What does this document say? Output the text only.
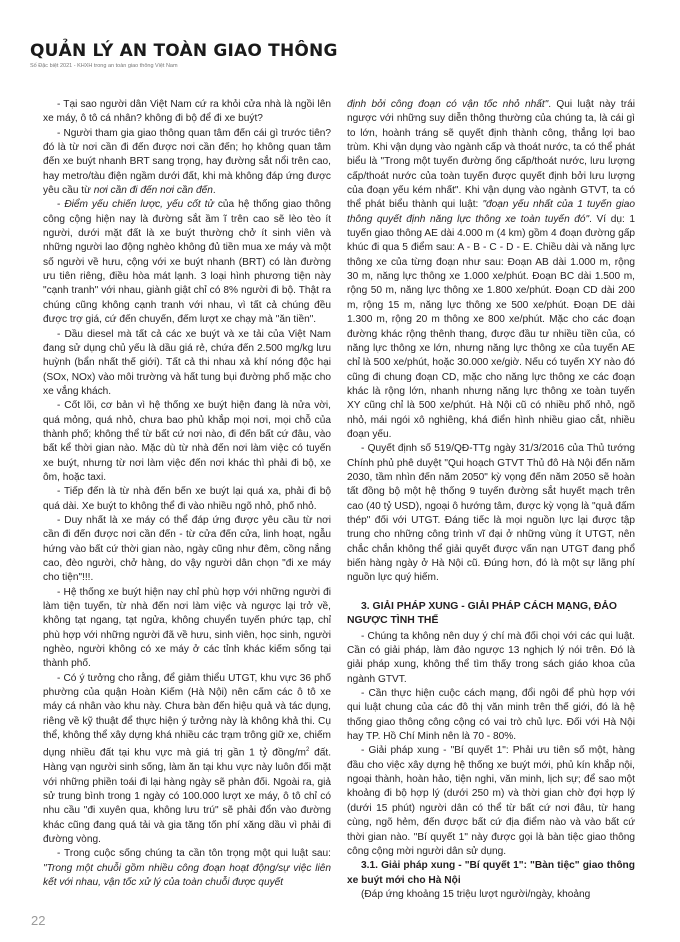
QUẢN LÝ AN TOÀN GIAO THÔNG
Số Đặc biệt 2021 - KHXH trong an toàn giao thông Việt Nam

- Tại sao người dân Việt Nam cứ ra khỏi cửa nhà là ngồi lên xe máy, ô tô cá nhân? không đi bộ để đi xe buýt?

- Người tham gia giao thông quan tâm đến cái gì trước tiên? đó là từ nơi cần đi đến được nơi cần đến; họ không quan tâm đến xe buýt nhanh BRT sang trọng, hay đường sắt nổi trên cao, hay metro/tàu điện ngầm dưới đất, khi mà không đáp ứng được yêu cầu từ nơi cần đi đến nơi cần đến.

- Điểm yếu chiến lược, yếu cốt tử của hệ thống giao thông công cộng hiện nay là đường sắt ầm ĩ trên cao sẽ lèo tèo ít người, dưới mặt đất là xe buýt thường chở ít sinh viên và những người lao động nghèo không đủ tiền mua xe máy và một số người về hưu, cộng với xe buýt nhanh (BRT) có làn đường ưu tiên riêng, điều hòa mát lạnh. 3 loại hình phương tiện này "cạnh tranh" với nhau, giành giật chỉ có 8% người đi bộ. Thật ra chúng cũng không cạnh tranh với nhau, vì tất cả chúng đều được trợ giá, cứ đến chuyến, đếm lượt xe chạy mà "ăn tiền".

- Dầu diesel mà tất cả các xe buýt và xe tải của Việt Nam đang sử dụng chủ yếu là dầu giá rẻ, chứa đến 2.500 mg/kg lưu huỳnh (bẩn nhất thế giới). Tất cả thi nhau xả khí nóng độc hại (SOx, NOx) vào môi trường và hất tung bụi đường phố mặc cho xe vắng khách.

- Cốt lõi, cơ bản vì hệ thống xe buýt hiện đang là nửa vời, quá mỏng, quá nhỏ, chưa bao phủ khắp mọi nơi, mọi chỗ của thành phố; không thể từ bất cứ nơi nào, đi đến bất cứ đâu, vào bất kể thời gian nào. Mặc dù từ nhà đến nơi làm việc có tuyến xe buýt, nhưng từ nơi làm việc đến nơi khác thì phải đi bộ, xe ôm, hoặc taxi.

- Tiếp đến là từ nhà đến bến xe buýt lại quá xa, phải đi bộ quá dài. Xe buýt to không thể đi vào nhiều ngõ nhỏ, phố nhỏ.

- Duy nhất là xe máy có thể đáp ứng được yêu cầu từ nơi cần đi đến được nơi cần đến - từ cửa đến cửa, linh hoạt, ngẫu hứng vào bất cứ thời gian nào, ngày cũng như đêm, cồng nắng cao, đèo người, chở hàng, do vậy người dân chọn "đi xe máy cho tiện"!!!.

- Hệ thống xe buýt hiện nay chỉ phù hợp với những người đi làm tiện tuyến, từ nhà đến nơi làm việc và ngược lại trở về, không tạt ngang, tạt ngửa, không chuyển tuyến phức tạp, chỉ phù hợp với những người đã về hưu, sinh viên, học sinh, người nghèo, người không có xe máy ở các tỉnh khác kiếm sống tại thành phố.

- Có ý tưởng cho rằng, để giảm thiểu UTGT, khu vực 36 phố phường của quận Hoàn Kiếm (Hà Nội) nên cấm các ô tô xe máy cá nhân vào khu này. Chưa bàn đến hiệu quả và tác dụng, riêng về kỹ thuật để thực hiện ý tưởng này là không khả thi. Cụ thể, không thể xây dựng khá nhiều các trạm trông giữ xe, chiếm dụng nhiều đất tại khu vực mà giá trị gần 1 tỷ đồng/$m^2$ đất. Hàng vạn người sinh sống, làm ăn tại khu vực này luôn đối mặt với những phiền toái đi lại hàng ngày sẽ phản đối. Ngoài ra, giả sử trung bình trong 1 ngày có 100.000 lượt xe máy, ô tô chỉ có nhu cầu "đi xuyên qua, không lưu trú" sẽ phải đổn vào đường khác cũng đang quá tải và gia tăng tốn phí xăng dầu vì phải đi đường vòng.

- Trong cuộc sống chúng ta cần tôn trọng một qui luật sau: "Trong một chuỗi gồm nhiều công đoạn hoạt động/sự việc liên kết với nhau, vận tốc xử lý của toàn chuỗi được quyết

định bởi công đoạn có vận tốc nhỏ nhất". Qui luật này trái ngược với những suy diễn thông thường của chúng ta, là cái gì to lớn, hoành tráng sẽ quyết định thành công, thắng lợi bao trùm. Khi vận dụng vào ngành cấp và thoát nước, ta có thể phát biểu là "Trong một tuyến đường ống cấp/thoát nước, lưu lượng cấp/thoát nước của toàn tuyến được quyết định bởi lưu lượng của đoạn yếu kém nhất". Khi vận dụng vào ngành GTVT, ta có thể phát biểu thành qui luật: "đoạn yếu nhất của 1 tuyến giao thông quyết định năng lực thông xe toàn tuyến đó". Ví dụ: 1 tuyến giao thông AE dài 4.000 m (4 km) gồm 4 đoạn đường gấp khúc đi qua 5 điểm sau: A - B - C - D - E. Chiều dài và năng lực thông xe của từng đoạn như sau: Đoạn AB dài 1.000 m, rộng 30 m, năng lực thông xe 1.000 xe/phút. Đoạn BC dài 1.500 m, rộng 50 m, năng lực thông xe 1.800 xe/phút. Đoạn CD dài 200 m, rộng 15 m, năng lực thông xe 500 xe/phút. Đoạn DE dài 1.300 m, rộng 20 m thông xe 800 xe/phút. Mặc cho các đoạn đường khác rộng thênh thang, được đầu tư nhiều tiền của, có năng lực thông xe lớn, nhưng năng lực thông xe của tuyến AE chỉ là 500 xe/phút, hoặc 30.000 xe/giờ. Nếu có tuyến XY nào đó cũng đi chung đoạn CD, mặc cho năng lực thông xe các đoạn khác là rộng lớn, nhanh nhưng năng lực thông xe toàn tuyến XY cũng chỉ là 500 xe/phút. Hà Nội cũ có nhiều phố nhỏ, ngõ nhỏ, mái ngói xô nghiêng, khá điển hình nhiều giao cắt, nhiều đoạn yếu.

- Quyết định số 519/QĐ-TTg ngày 31/3/2016 của Thủ tướng Chính phủ phê duyệt "Qui hoạch GTVT Thủ đô Hà Nội đến năm 2030, tầm nhìn đến năm 2050" kỳ vọng đến năm 2050 sẽ hoàn tất đồng bộ một hệ thống 9 tuyến đường sắt huyết mạch trên cao (40 tỷ USD), ngoại ô hướng tâm, được kỳ vọng là "quả đấm thép" đối với UTGT. Đáng tiếc là mọi nguồn lực lại được tập trung cho những công trình vĩ đại ở những vùng ít UTGT, nên chắc chắn không thể giải quyết được vấn nạn UTGT đang phổ biến hàng ngày ở Hà Nội cũ. Đúng hơn, đó là một sự lãng phí nguồn lực quý hiếm.

3. GIẢI PHÁP XUNG - GIẢI PHÁP CÁCH MẠNG, ĐẢO NGƯỢC TÌNH THẾ

- Chúng ta không nên duy ý chí mà đối chọi với các qui luật. Cần có giải pháp, làm đảo ngược 13 nghịch lý nói trên. Đó là giải pháp xung, không thể tìm thấy trong sách giáo khoa của ngành GTVT.

- Cần thực hiện cuộc cách mạng, đổi ngôi để phù hợp với qui luật chung của các đô thị văn minh trên thế giới, đó là hệ thống giao thông công cộng có vai trò chủ lực. Đối với Hà Nội hay TP. Hồ Chí Minh nên là 70 - 80%.

- Giải pháp xung - "Bí quyết 1": Phải ưu tiên số một, hàng đầu cho việc xây dựng hệ thống xe buýt mới, phủ kín khắp nội, ngoại thành, hoàn hảo, tiện nghi, văn minh, lịch sự; để sao một khoảng đi bộ hợp lý (dưới 250 m) và thời gian chờ đợi hợp lý (dưới 15 phút) người dân có thể từ bất cứ nơi đâu, từ hang cùng, ngõ hẻm, đến được bất cứ địa điểm nào và vào bất cứ thời gian nào. "Bí quyết 1" này được gọi là bàn tiệc giao thông công cộng mời người dân sử dụng.

3.1. Giải pháp xung - "Bí quyết 1": "Bàn tiệc" giao thông xe buýt mới cho Hà Nội

(Đáp ứng khoảng 15 triệu lượt người/ngày, khoảng

22
